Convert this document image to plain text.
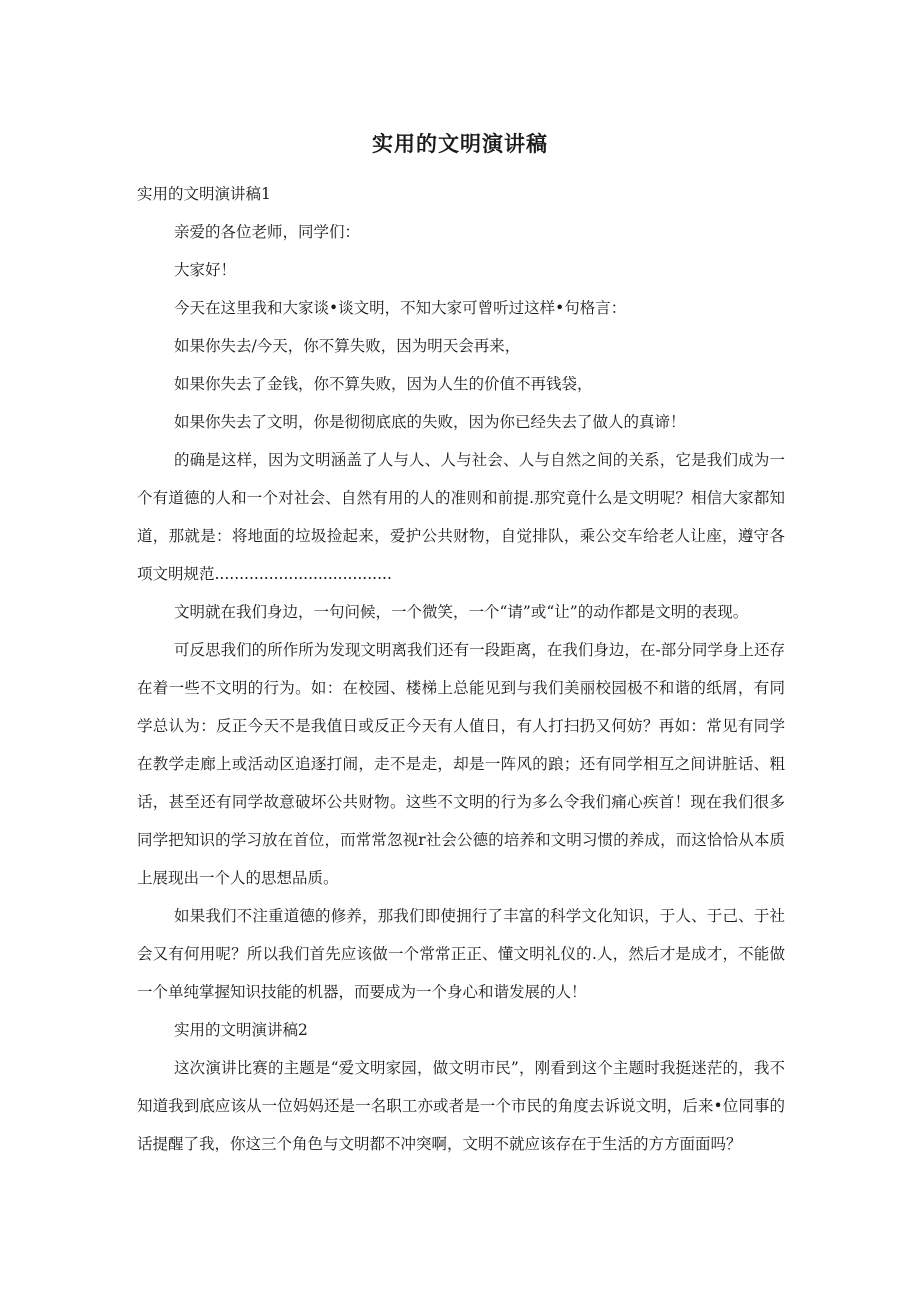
实用的文明演讲稿

实用的文明演讲稿1

亲爱的各位老师，同学们：

大家好！

今天在这里我和大家谈•谈文明，不知大家可曾听过这样•句格言：

如果你失去/今天，你不算失败，因为明天会再来，

如果你失去了金钱，你不算失败，因为人生的价值不再钱袋，

如果你失去了文明，你是彻彻底底的失败，因为你已经失去了做人的真谛！

的确是这样，因为文明涵盖了人与人、人与社会、人与自然之间的关系，它是我们成为一个有道德的人和一个对社会、自然有用的人的准则和前提.那究竟什么是文明呢？相信大家都知道，那就是：将地面的垃圾捡起来，爱护公共财物，自觉排队，乘公交车给老人让座，遵守各项文明规范....................................

文明就在我们身边，一句问候，一个微笑，一个“请”或“让”的动作都是文明的表现。

可反思我们的所作所为发现文明离我们还有一段距离，在我们身边，在-部分同学身上还存在着一些不文明的行为。如：在校园、楼梯上总能见到与我们美丽校园极不和谐的纸屑，有同学总认为：反正今天不是我值日或反正今天有人值日，有人打扫扔又何妨？再如：常见有同学在教学走廊上或活动区追逐打闹，走不是走，却是一阵风的踉；还有同学相互之间讲脏话、粗话，甚至还有同学故意破坏公共财物。这些不文明的行为多么令我们痛心疾首！现在我们很多同学把知识的学习放在首位，而常常忽视r社会公德的培养和文明习惯的养成，而这恰恰从本质上展现出一个人的思想品质。

如果我们不注重道德的修养，那我们即使拥行了丰富的科学文化知识，于人、于己、于社会又有何用呢？所以我们首先应该做一个常常正正、懂文明礼仪的.人，然后才是成才，不能做一个单纯掌握知识技能的机器，而要成为一个身心和谐发展的人！

实用的文明演讲稿2

这次演讲比赛的主题是“爱文明家园，做文明市民”，刚看到这个主题时我挺迷茫的，我不知道我到底应该从一位妈妈还是一名职工亦或者是一个市民的角度去诉说文明，后来•位同事的话提醒了我，你这三个角色与文明都不冲突啊，文明不就应该存在于生活的方方面面吗？
